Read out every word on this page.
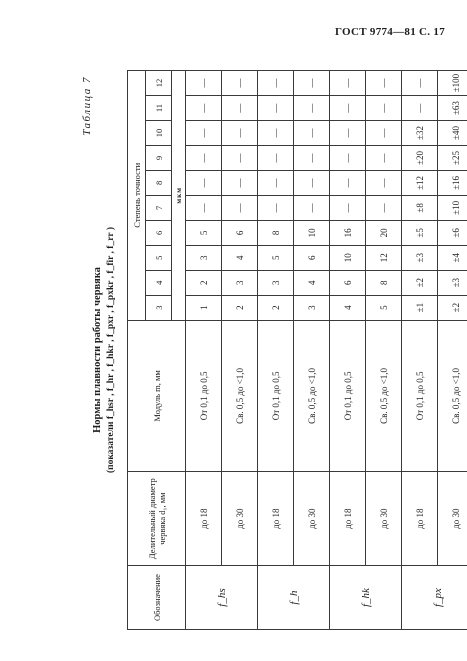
ГОСТ 9774—81 С. 17
Таблица 7
Нормы плавности работы червяка (показатели f_hsr , f_hr , f_hkr , f_pxr , f_pxkr , f_fir , f_rr )
Обозначение	Делительный диаметр червяка d₁, мм	Модуль m, мм	Степень точности									
			3	4	5	6	7	8	9	10	11	12
			мкм									
f_hs	до 18	От 0,1 до 0,5	1	2	3	5	—	—	—	—	—	—
	до 30	Св. 0,5 до <1,0	2	3	4	6	—	—	—	—	—	—
f_h	до 18	От 0,1 до 0,5	2	3	5	8	—	—	—	—	—	—
	до 30	Св. 0,5 до <1,0	3	4	6	10	—	—	—	—	—	—
f_hk	до 18	От 0,1 до 0,5	4	6	10	16	—	—	—	—	—	—
	до 30	Св. 0,5 до <1,0	5	8	12	20	—	—	—	—	—	—
f_px	до 18	От 0,1 до 0,5	±1	±2	±3	±5	±8	±12	±20	±32	—	—
	до 30	Св. 0,5 до <1,0	±2	±3	±4	±6	±10	±16	±25	±40	±63	±100
